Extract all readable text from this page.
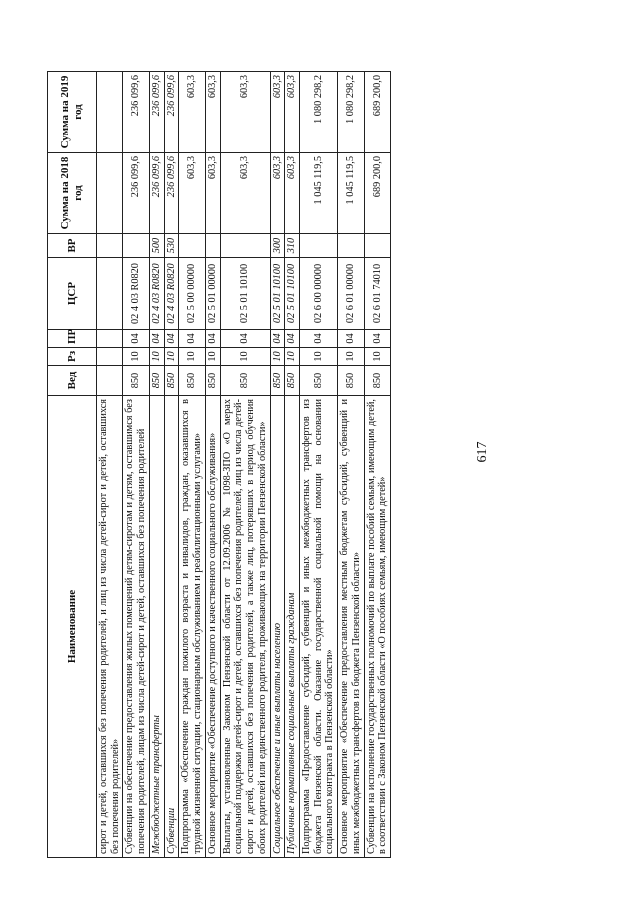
617
Наименование	Вед	Рз	ПР	ЦСР	ВР	Сумма на 2018 год	Сумма на 2019 год
сирот и детей, оставшихся без попечения родителей, и лиц из числа детей-сирот и детей, оставшихся без попечения родителей»							
Субвенции на обеспечение предоставления жилых помещений детям-сиротам и детям, оставшимся без попечения родителей, лицам из числа детей-сирот и детей, оставшихся без попечения родителей	850	10	04	02 4 03 R0820		236 099,6	236 099,6
Межбюджетные трансферты	850	10	04	02 4 03 R0820	500	236 099,6	236 099,6
Субвенции	850	10	04	02 4 03 R0820	530	236 099,6	236 099,6
Подпрограмма «Обеспечение граждан пожилого возраста и инвалидов, граждан, оказавшихся в трудной жизненной ситуации, стационарным обслуживанием и реабилитационными услугами»	850	10	04	02 5 00 00000		603,3	603,3
Основное мероприятие «Обеспечение доступного и качественного социального обслуживания»	850	10	04	02 5 01 00000		603,3	603,3
Выплаты, установленные Законом Пензенской области от 12.09.2006 № 1098-ЗПО «О мерах социальной поддержки детей-сирот и детей, оставшихся без попечения родителей, лиц из числа детей-сирот и детей, оставшихся без попечения родителей, а также лиц, потерявших в период обучения обоих родителей или единственного родителя, проживающих на территории Пензенской области»	850	10	04	02 5 01 10100		603,3	603,3
Социальное обеспечение и иные выплаты населению	850	10	04	02 5 01 10100	300	603,3	603,3
Публичные нормативные социальные выплаты гражданам	850	10	04	02 5 01 10100	310	603,3	603,3
Подпрограмма «Предоставление субсидий, субвенций и иных межбюджетных трансфертов из бюджета Пензенской области. Оказание государственной социальной помощи на основании социального контракта в Пензенской области»	850	10	04	02 6 00 00000		1 045 119,5	1 080 298,2
Основное мероприятие «Обеспечение предоставления местным бюджетам субсидий, субвенций и иных межбюджетных трансфертов из бюджета Пензенской области»	850	10	04	02 6 01 00000		1 045 119,5	1 080 298,2
Субвенции на исполнение государственных полномочий по выплате пособий семьям, имеющим детей, в соответствии с Законом Пензенской области «О пособиях семьям, имеющим детей»	850	10	04	02 6 01 74010		689 200,0	689 200,0
